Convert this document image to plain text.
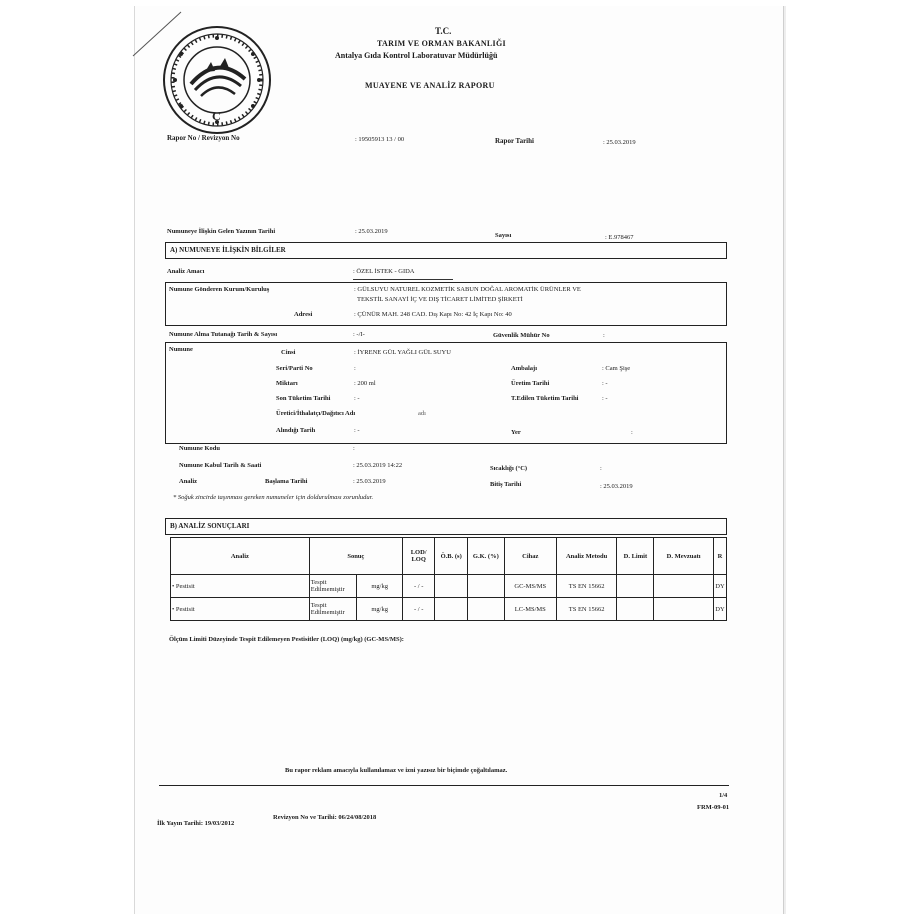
C
T.C.
TARIM VE ORMAN BAKANLIĞI
Antalya Gıda Kontrol Laboratuvar Müdürlüğü
MUAYENE VE ANALİZ RAPORU
Rapor No / Revizyon No	: 19505913 13 / 00	Rapor Tarihi	: 25.03.2019
Numuneye İlişkin Gelen Yazının Tarihi	: 25.03.2019
Sayısı	: E.978467
A) NUMUNEYE İLİŞKİN BİLGİLER
Analiz Amacı	: ÖZEL İSTEK - GIDA
Numune Gönderen Kurum/Kuruluş	: GÜLSUYU NATUREL KOZMETİK SABUN DOĞAL AROMATİK ÜRÜNLER VE
TEKSTİL SANAYİ İÇ VE DIŞ TİCARET LİMİTED ŞİRKETİ
Adresi	: ÇÜNÜR MAH. 248 CAD. Dış Kapı No: 42 İç Kapı No: 40
Numune Alma Tutanağı Tarih & Sayısı	: -/I-	Güvenlik Mühür No	:
Numune	Cinsi	: İYRENE GÜL YAĞLI GÜL SUYU
Seri/Parti No	:	Ambalajı	: Cam Şişe
Miktarı	: 200 ml	Üretim Tarihi	: -
Son Tüketim Tarihi	: -	T.Edilen Tüketim Tarihi	: -
Üretici/İthalatçı/Dağıtıcı Adı	adı
Alındığı Tarih	: -	Yer	:
Numune Kodu	:
Numune Kabul Tarih & Saati	: 25.03.2019 14:22	Sıcaklığı (°C)	:
Analiz	Başlama Tarihi	: 25.03.2019	Bitiş Tarihi	: 25.03.2019
* Soğuk zincirde taşınması gereken numuneler için doldurulması zorunludur.
B) ANALİZ SONUÇLARI
Analiz	Sonuç		LOD/ LOQ	Ö.B. (s)	G.K. (%)	Cihaz	Analiz Metodu	D. Limit	D. Mevzuatı	R
• Pestisit	Tespit Edilmemiştir	mg/kg	- / -			GC-MS/MS	TS EN 15662			DY
• Pestisit	Tespit Edilmemiştir	mg/kg	- / -			LC-MS/MS	TS EN 15662			DY
Ölçüm Limiti Düzeyinde Tespit Edilemeyen Pestisitler (LOQ) (mg/kg) (GC-MS/MS):
Bu rapor reklam amacıyla kullanılamaz ve izni yazısız bir biçimde çoğaltılamaz.
1/4
FRM-09-01
İlk Yayın Tarihi: 19/03/2012
Revizyon No ve Tarihi: 06/24/08/2018
